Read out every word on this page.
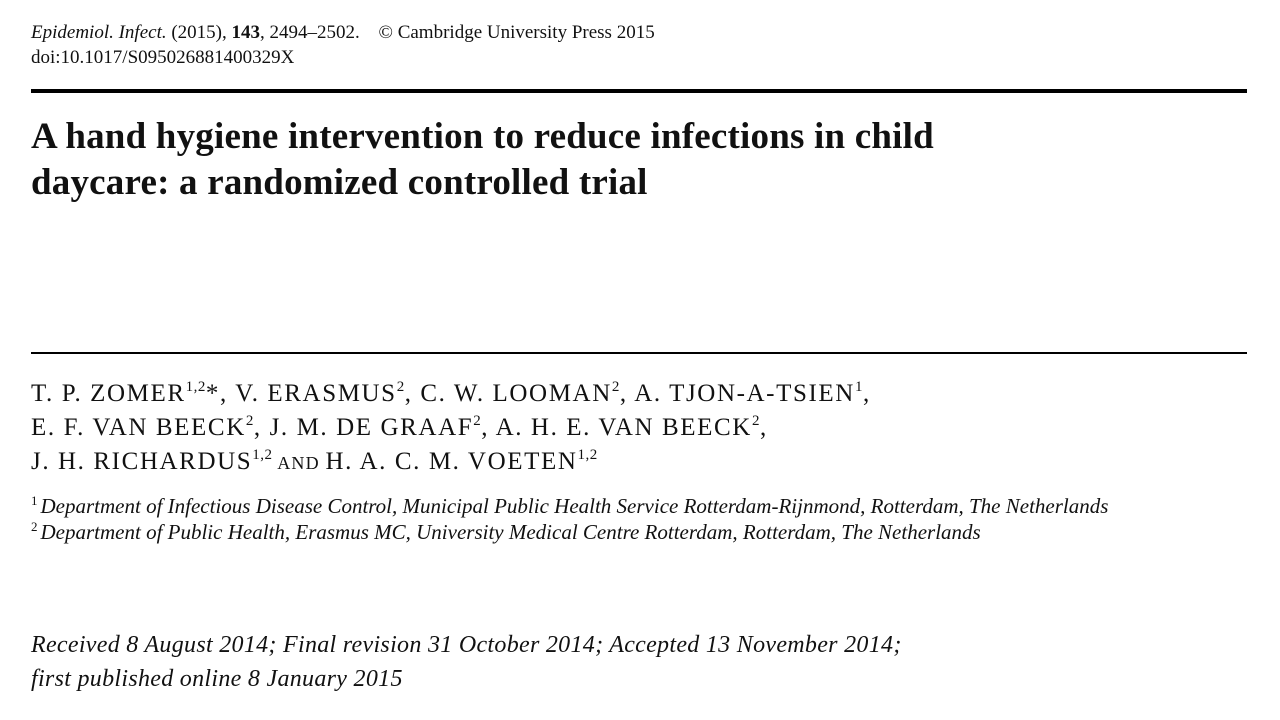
Epidemiol. Infect. (2015), 143, 2494–2502. © Cambridge University Press 2015
doi:10.1017/S095026881400329X
A hand hygiene intervention to reduce infections in child
daycare: a randomized controlled trial
T. P. ZOMER$^{1,2}$*, V. ERASMUS$^2$, C. W. LOOMAN$^2$, A. TJON-A-TSIEN$^1$,
E. F. VAN BEECK$^2$, J. M. DE GRAAF$^2$, A. H. E. VAN BEECK$^2$,
J. H. RICHARDUS$^{1,2}$ AND H. A. C. M. VOETEN$^{1,2}$
$^1$ Department of Infectious Disease Control, Municipal Public Health Service Rotterdam-Rijnmond, Rotterdam, The Netherlands
$^2$ Department of Public Health, Erasmus MC, University Medical Centre Rotterdam, Rotterdam, The Netherlands
Received 8 August 2014; Final revision 31 October 2014; Accepted 13 November 2014;
first published online 8 January 2015
